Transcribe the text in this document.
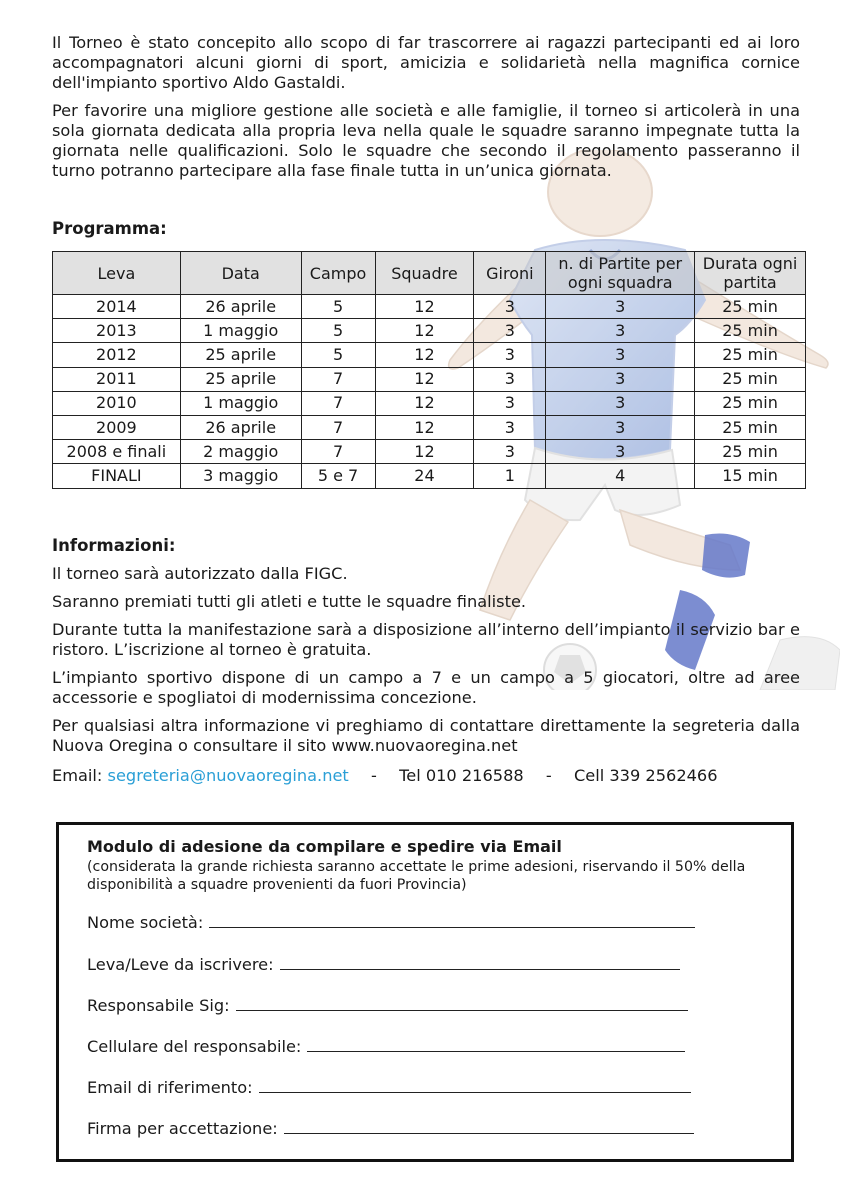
Il Torneo è stato concepito allo scopo di far trascorrere ai ragazzi partecipanti ed ai loro accompagnatori alcuni giorni di sport, amicizia e solidarietà nella magnifica cornice dell'impianto sportivo Aldo Gastaldi.

Per favorire una migliore gestione alle società e alle famiglie, il torneo si articolerà in una sola giornata dedicata alla propria leva nella quale le squadre saranno impegnate tutta la giornata nelle qualificazioni. Solo le squadre che secondo il regolamento passeranno il turno potranno partecipare alla fase finale tutta in un’unica giornata.

Programma:
Leva	Data	Campo	Squadre	Gironi	n. di Partite per ogni squadra	Durata ogni partita
2014	26 aprile	5	12	3	3	25 min
2013	1 maggio	5	12	3	3	25 min
2012	25 aprile	5	12	3	3	25 min
2011	25 aprile	7	12	3	3	25 min
2010	1 maggio	7	12	3	3	25 min
2009	26 aprile	7	12	3	3	25 min
2008 e finali	2 maggio	7	12	3	3	25 min
FINALI	3 maggio	5 e 7	24	1	4	15 min
Informazioni:

Il torneo sarà autorizzato dalla FIGC.

Saranno premiati tutti gli atleti e tutte le squadre finaliste.

Durante tutta la manifestazione sarà a disposizione all’interno dell’impianto il servizio bar e ristoro. L’iscrizione al torneo è gratuita.

L’impianto sportivo dispone di un campo a 7 e un campo a 5 giocatori, oltre ad aree accessorie e spogliatoi di modernissima concezione.

Per qualsiasi altra informazione vi preghiamo di contattare direttamente la segreteria dalla Nuova Oregina o consultare il sito www.nuovaoregina.net

Email: segreteria@nuovaoregina.net - Tel 010 216588 - Cell 339 2562466

Modulo di adesione da compilare e spedire via Email

(considerata la grande richiesta saranno accettate le prime adesioni, riservando il 50% della disponibilità a squadre provenienti da fuori Provincia)

Nome società:
Leva/Leve da iscrivere:
Responsabile Sig:
Cellulare del responsabile:
Email di riferimento:
Firma per accettazione:
